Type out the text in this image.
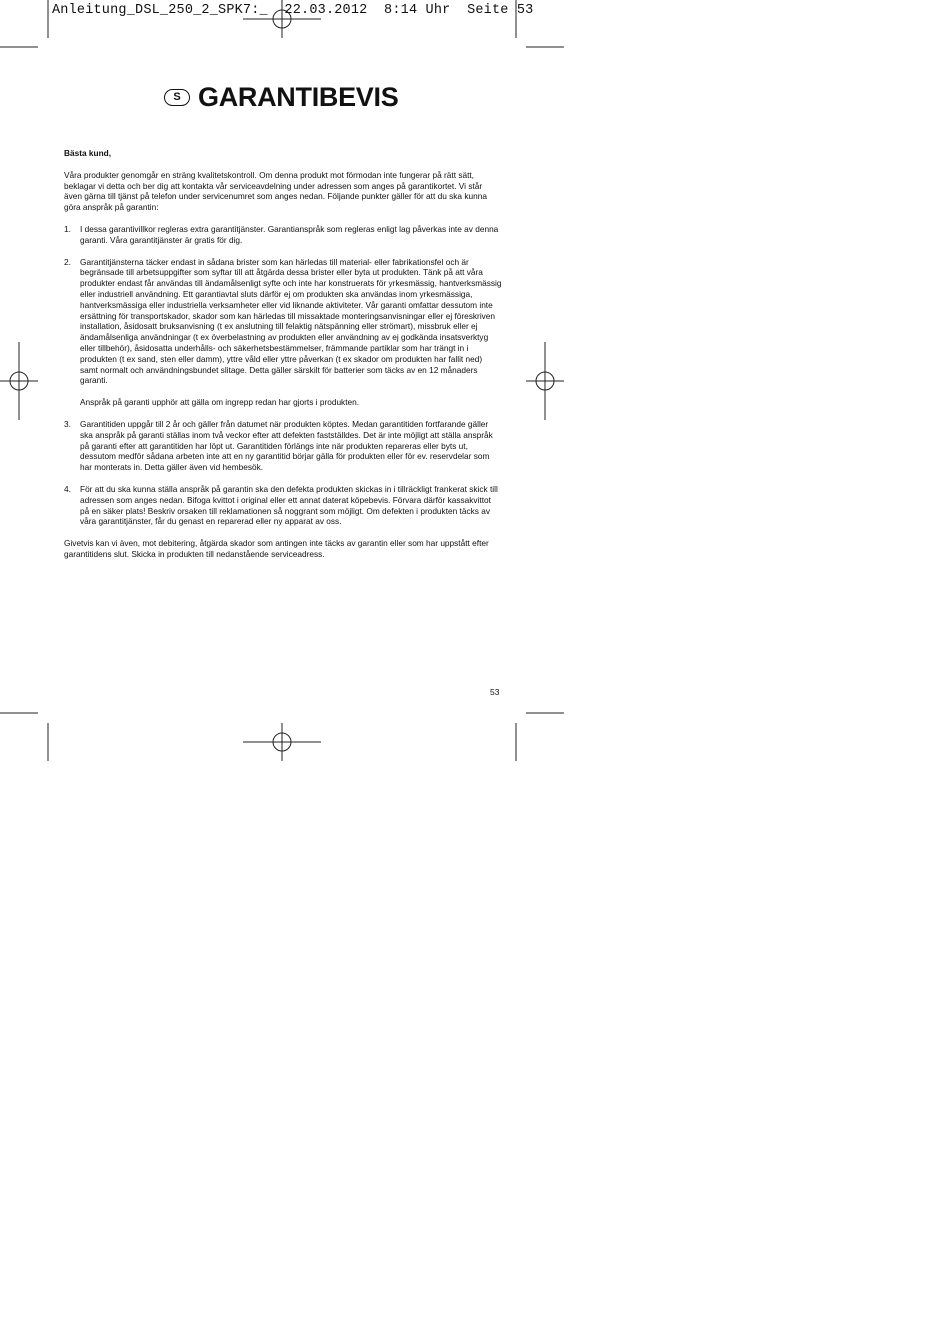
Anleitung_DSL_250_2_SPK7:_  22.03.2012  8:14 Uhr  Seite 53
S GARANTIBEVIS

Bästa kund,

Våra produkter genomgår en sträng kvalitetskontroll. Om denna produkt mot förmodan inte fungerar på rätt sätt, beklagar vi detta och ber dig att kontakta vår serviceavdelning under adressen som anges på garantikortet. Vi står även gärna till tjänst på telefon under servicenumret som anges nedan. Följande punkter gäller för att du ska kunna göra anspråk på garantin:

1.	I dessa garantivillkor regleras extra garantitjänster. Garantianspråk som regleras enligt lag påverkas inte av denna garanti. Våra garantitjänster är gratis för dig.

2.	Garantitjänsterna täcker endast in sådana brister som kan härledas till material- eller fabrikationsfel och är begränsade till arbetsuppgifter som syftar till att åtgärda dessa brister eller byta ut produkten. Tänk på att våra produkter endast får användas till ändamålsenligt syfte och inte har konstruerats för yrkesmässig, hantverksmässig eller industriell användning. Ett garantiavtal sluts därför ej om produkten ska användas inom yrkesmässiga, hantverksmässiga eller industriella verksamheter eller vid liknande aktiviteter. Vår garanti omfattar dessutom inte ersättning för transportskador, skador som kan härledas till missaktade monteringsanvisningar eller ej föreskriven installation, åsidosatt bruksanvisning (t ex anslutning till felaktig nätspänning eller strömart), missbruk eller ej ändamålsenliga användningar (t ex överbelastning av produkten eller användning av ej godkända insatsverktyg eller tillbehör), åsidosatta underhålls- och säkerhetsbestämmelser, främmande partiklar som har trängt in i produkten (t ex sand, sten eller damm), yttre våld eller yttre påverkan (t ex skador om produkten har fallit ned) samt normalt och användningsbundet slitage. Detta gäller särskilt för batterier som täcks av en 12 månaders garanti.

Anspråk på garanti upphör att gälla om ingrepp redan har gjorts i produkten.

3.	Garantitiden uppgår till 2 år och gäller från datumet när produkten köptes. Medan garantitiden fortfarande gäller ska anspråk på garanti ställas inom två veckor efter att defekten fastställdes. Det är inte möjligt att ställa anspråk på garanti efter att garantitiden har löpt ut. Garantitiden förlängs inte när produkten repareras eller byts ut, dessutom medför sådana arbeten inte att en ny garantitid börjar gälla för produkten eller för ev. reservdelar som har monterats in. Detta gäller även vid hembesök.

4.	För att du ska kunna ställa anspråk på garantin ska den defekta produkten skickas in i tillräckligt frankerat skick till adressen som anges nedan. Bifoga kvittot i original eller ett annat daterat köpebevis. Förvara därför kassakvittot på en säker plats! Beskriv orsaken till reklamationen så noggrant som möjligt. Om defekten i produkten täcks av våra garantitjänster, får du genast en reparerad eller ny apparat av oss.

Givetvis kan vi även, mot debitering, åtgärda skador som antingen inte täcks av garantin eller som har uppstått efter garantitidens slut. Skicka in produkten till nedanstående serviceadress.

53
